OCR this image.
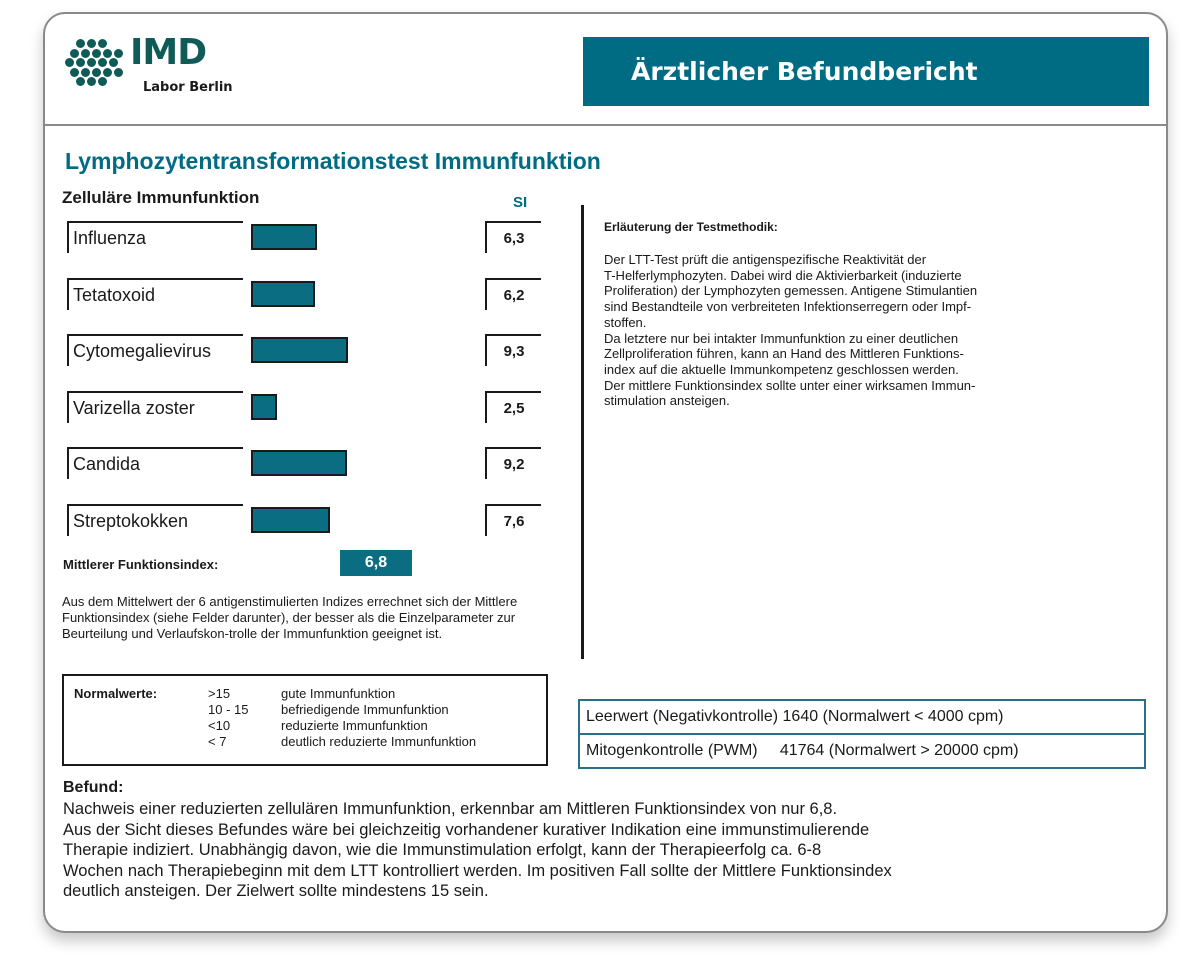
IMD
Labor Berlin
Ärztlicher Befundbericht
Lymphozytentransformationstest Immunfunktion
Zelluläre Immunfunktion	SI
Influenza	6,3
Tetatoxoid	6,2
Cytomegalievirus	9,3
Varizella zoster	2,5
Candida	9,2
Streptokokken	7,6
Mittlerer Funktionsindex:	6,8
Aus dem Mittelwert der 6 antigenstimulierten Indizes errechnet sich der Mittlere Funktionsindex (siehe Felder darunter), der besser als die Einzelparameter zur Beurteilung und Verlaufskon-trolle der Immunfunktion geeignet ist.
Normalwerte:	>15	gute Immunfunktion
10 - 15	befriedigende Immunfunktion
<10	reduzierte Immunfunktion
< 7	deutlich reduzierte Immunfunktion
Erläuterung der Testmethodik:
Der LTT-Test prüft die antigenspezifische Reaktivität der
T-Helferlymphozyten. Dabei wird die Aktivierbarkeit (induzierte
Proliferation) der Lymphozyten gemessen. Antigene Stimulantien
sind Bestandteile von verbreiteten Infektionserregern oder Impf-
stoffen.
Da letztere nur bei intakter Immunfunktion zu einer deutlichen
Zellproliferation führen, kann an Hand des Mittleren Funktions-
index auf die aktuelle Immunkompetenz geschlossen werden.
Der mittlere Funktionsindex sollte unter einer wirksamen Immun-
stimulation ansteigen.
Leerwert (Negativkontrolle) 1640 (Normalwert < 4000 cpm)
Mitogenkontrolle (PWM)     41764 (Normalwert > 20000 cpm)
Befund:
Nachweis einer reduzierten zellulären Immunfunktion, erkennbar am Mittleren Funktionsindex von nur 6,8.
Aus der Sicht dieses Befundes wäre bei gleichzeitig vorhandener kurativer Indikation eine immunstimulierende
Therapie indiziert. Unabhängig davon, wie die Immunstimulation erfolgt, kann der Therapieerfolg ca. 6-8
Wochen nach Therapiebeginn mit dem LTT kontrolliert werden. Im positiven Fall sollte der Mittlere Funktionsindex
deutlich ansteigen. Der Zielwert sollte mindestens 15 sein.
